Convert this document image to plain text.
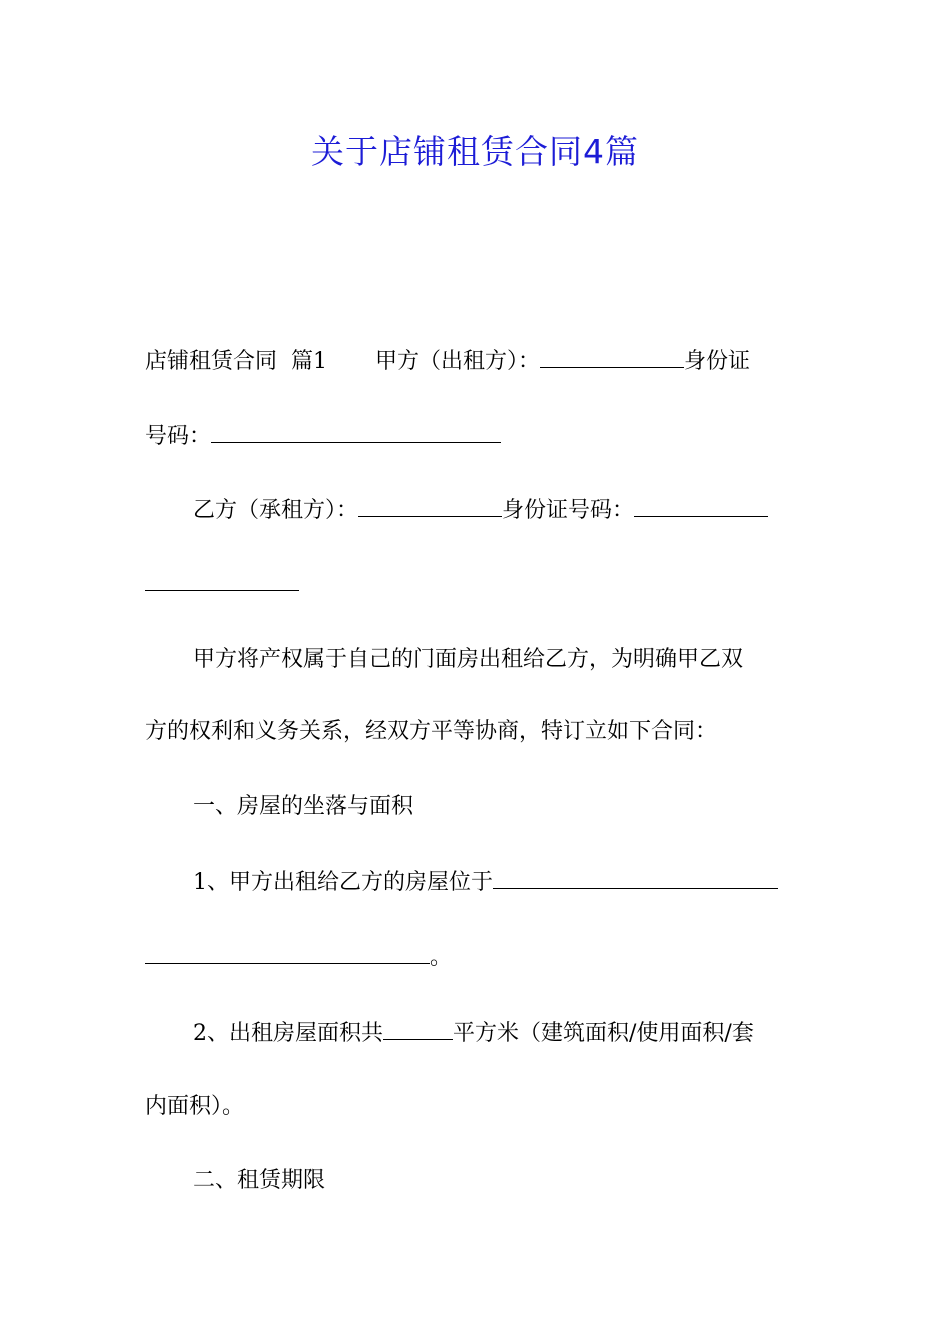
关于店铺租赁合同4篇
店铺租赁合同  篇1 甲方（出租方）：	身份证
号码：
乙方（承租方）：	身份证号码：
甲方将产权属于自己的门面房出租给乙方，为明确甲乙双
方的权利和义务关系，经双方平等协商，特订立如下合同：
一、房屋的坐落与面积
1、甲方出租给乙方的房屋位于
。
2、出租房屋面积共	平方米（建筑面积/使用面积/套
内面积）。
二、租赁期限
